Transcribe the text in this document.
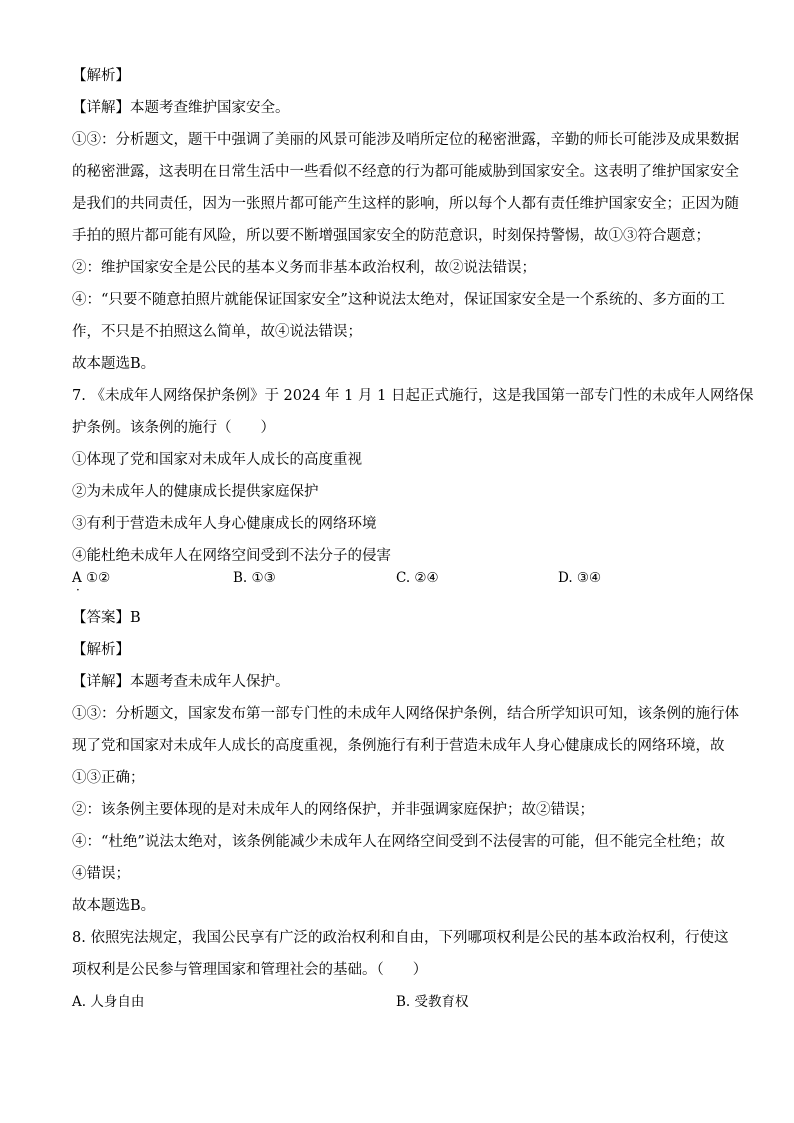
【解析】
【详解】本题考查维护国家安全。
①③：分析题文，题干中强调了美丽的风景可能涉及哨所定位的秘密泄露，辛勤的师长可能涉及成果数据
的秘密泄露，这表明在日常生活中一些看似不经意的行为都可能威胁到国家安全。这表明了维护国家安全
是我们的共同责任，因为一张照片都可能产生这样的影响，所以每个人都有责任维护国家安全；正因为随
手拍的照片都可能有风险，所以要不断增强国家安全的防范意识，时刻保持警惕，故①③符合题意；
②：维护国家安全是公民的基本义务而非基本政治权利，故②说法错误；
④：“只要不随意拍照片就能保证国家安全”这种说法太绝对，保证国家安全是一个系统的、多方面的工
作，不只是不拍照这么简单，故④说法错误；
故本题选B。
7. 《未成年人网络保护条例》于 2024 年 1 月 1 日起正式施行，这是我国第一部专门性的未成年人网络保
护条例。该条例的施行（　　）
①体现了党和国家对未成年人成长的高度重视
②为未成年人的健康成长提供家庭保护
③有利于营造未成年人身心健康成长的网络环境
④能杜绝未成年人在网络空间受到不法分子的侵害
A ①②	B. ①③	C. ②④	D. ③④
·
【答案】B
【解析】
【详解】本题考查未成年人保护。
①③：分析题文，国家发布第一部专门性的未成年人网络保护条例，结合所学知识可知，该条例的施行体
现了党和国家对未成年人成长的高度重视，条例施行有利于营造未成年人身心健康成长的网络环境，故
①③正确；
②：该条例主要体现的是对未成年人的网络保护，并非强调家庭保护；故②错误；
④：“杜绝”说法太绝对，该条例能减少未成年人在网络空间受到不法侵害的可能，但不能完全杜绝；故
④错误；
故本题选B。
8. 依照宪法规定，我国公民享有广泛的政治权利和自由，下列哪项权利是公民的基本政治权利，行使这
项权利是公民参与管理国家和管理社会的基础。（　　）
A. 人身自由	B. 受教育权
